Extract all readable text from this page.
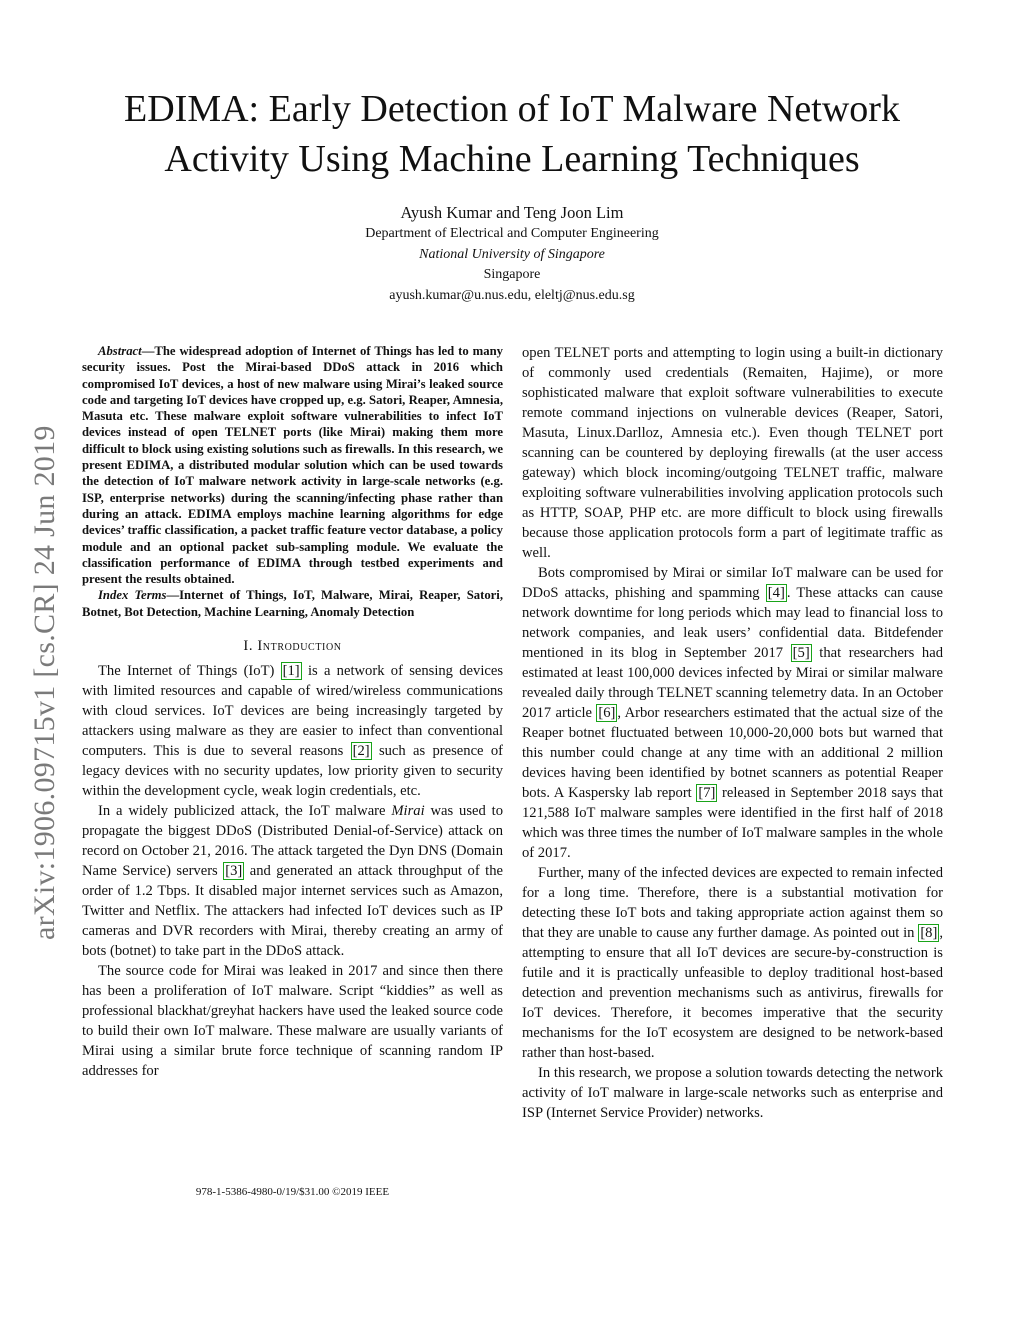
arXiv:1906.09715v1 [cs.CR] 24 Jun 2019
EDIMA: Early Detection of IoT Malware Network Activity Using Machine Learning Techniques
Ayush Kumar and Teng Joon Lim
Department of Electrical and Computer Engineering
National University of Singapore
Singapore
ayush.kumar@u.nus.edu, eleltj@nus.edu.sg

Abstract—The widespread adoption of Internet of Things has led to many security issues. Post the Mirai-based DDoS attack in 2016 which compromised IoT devices, a host of new malware using Mirai’s leaked source code and targeting IoT devices have cropped up, e.g. Satori, Reaper, Amnesia, Masuta etc. These malware exploit software vulnerabilities to infect IoT devices instead of open TELNET ports (like Mirai) making them more difficult to block using existing solutions such as firewalls. In this research, we present EDIMA, a distributed modular solution which can be used towards the detection of IoT malware network activity in large-scale networks (e.g. ISP, enterprise networks) during the scanning/infecting phase rather than during an attack. EDIMA employs machine learning algorithms for edge devices’ traffic classification, a packet traffic feature vector database, a policy module and an optional packet sub-sampling module. We evaluate the classification performance of EDIMA through testbed experiments and present the results obtained.

Index Terms—Internet of Things, IoT, Malware, Mirai, Reaper, Satori, Botnet, Bot Detection, Machine Learning, Anomaly Detection

I. Introduction

The Internet of Things (IoT) [1] is a network of sensing devices with limited resources and capable of wired/wireless communications with cloud services. IoT devices are being increasingly targeted by attackers using malware as they are easier to infect than conventional computers. This is due to several reasons [2] such as presence of legacy devices with no security updates, low priority given to security within the development cycle, weak login credentials, etc.

In a widely publicized attack, the IoT malware Mirai was used to propagate the biggest DDoS (Distributed Denial-of-Service) attack on record on October 21, 2016. The attack targeted the Dyn DNS (Domain Name Service) servers [3] and generated an attack throughput of the order of 1.2 Tbps. It disabled major internet services such as Amazon, Twitter and Netflix. The attackers had infected IoT devices such as IP cameras and DVR recorders with Mirai, thereby creating an army of bots (botnet) to take part in the DDoS attack.

The source code for Mirai was leaked in 2017 and since then there has been a proliferation of IoT malware. Script “kiddies” as well as professional blackhat/greyhat hackers have used the leaked source code to build their own IoT malware. These malware are usually variants of Mirai using a similar brute force technique of scanning random IP addresses for

open TELNET ports and attempting to login using a built-in dictionary of commonly used credentials (Remaiten, Hajime), or more sophisticated malware that exploit software vulnerabilities to execute remote command injections on vulnerable devices (Reaper, Satori, Masuta, Linux.Darlloz, Amnesia etc.). Even though TELNET port scanning can be countered by deploying firewalls (at the user access gateway) which block incoming/outgoing TELNET traffic, malware exploiting software vulnerabilities involving application protocols such as HTTP, SOAP, PHP etc. are more difficult to block using firewalls because those application protocols form a part of legitimate traffic as well.

Bots compromised by Mirai or similar IoT malware can be used for DDoS attacks, phishing and spamming [4] . These attacks can cause network downtime for long periods which may lead to financial loss to network companies, and leak users’ confidential data. Bitdefender mentioned in its blog in September 2017 [5] that researchers had estimated at least 100,000 devices infected by Mirai or similar malware revealed daily through TELNET scanning telemetry data. In an October 2017 article [6] , Arbor researchers estimated that the actual size of the Reaper botnet fluctuated between 10,000-20,000 bots but warned that this number could change at any time with an additional 2 million devices having been identified by botnet scanners as potential Reaper bots. A Kaspersky lab report [7] released in September 2018 says that 121,588 IoT malware samples were identified in the first half of 2018 which was three times the number of IoT malware samples in the whole of 2017.

Further, many of the infected devices are expected to remain infected for a long time. Therefore, there is a substantial motivation for detecting these IoT bots and taking appropriate action against them so that they are unable to cause any further damage. As pointed out in [8] , attempting to ensure that all IoT devices are secure-by-construction is futile and it is practically unfeasible to deploy traditional host-based detection and prevention mechanisms such as antivirus, firewalls for IoT devices. Therefore, it becomes imperative that the security mechanisms for the IoT ecosystem are designed to be network-based rather than host-based.

In this research, we propose a solution towards detecting the network activity of IoT malware in large-scale networks such as enterprise and ISP (Internet Service Provider) networks.

978-1-5386-4980-0/19/$31.00 ©2019 IEEE
